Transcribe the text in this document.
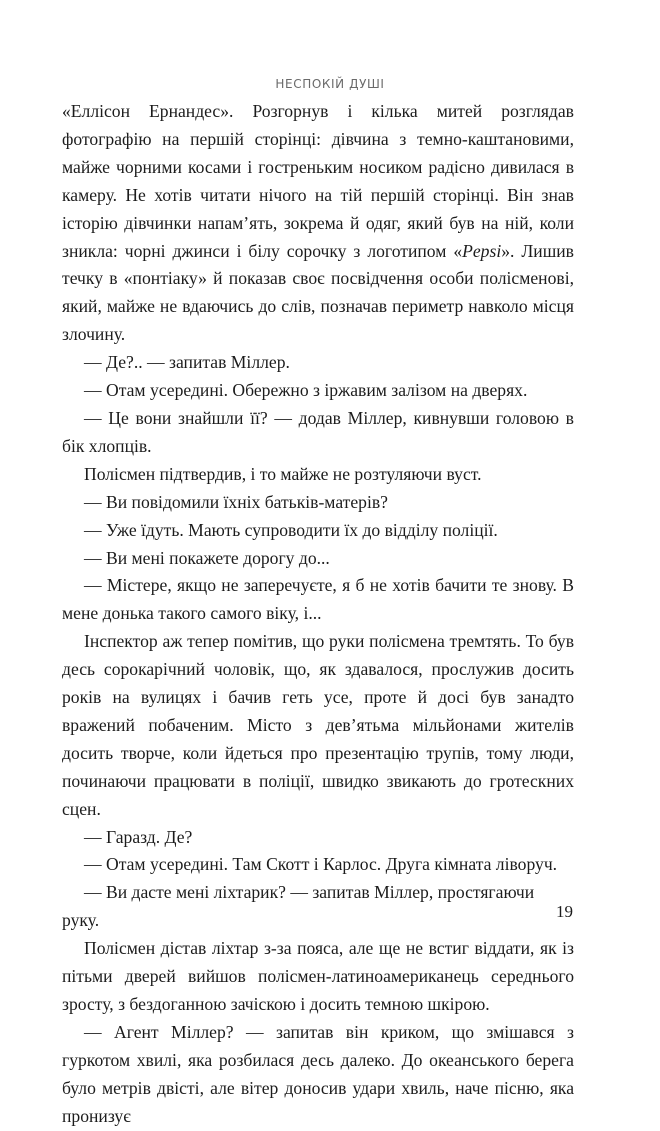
НЕСПОКІЙ ДУШІ

«Еллісон Ернандес». Розгорнув і кілька митей розглядав фотографію на першій сторінці: дівчина з темно-каштановими, майже чорними косами і гостреньким носиком радісно дивилася в камеру. Не хотів читати нічого на тій першій сторінці. Він знав історію дівчинки напам’ять, зокрема й одяг, який був на ній, коли зникла: чорні джинси і білу сорочку з логотипом «Pepsi». Лишив течку в «понтіаку» й показав своє посвідчення особи полісменові, який, майже не вдаючись до слів, позначав периметр навколо місця злочину.

— Де?.. — запитав Міллер.

— Отам усередині. Обережно з іржавим залізом на дверях.

— Це вони знайшли її? — додав Міллер, кивнувши головою в бік хлопців.

Полісмен підтвердив, і то майже не розтуляючи вуст.

— Ви повідомили їхніх батьків-матерів?

— Уже їдуть. Мають супроводити їх до відділу поліції.

— Ви мені покажете дорогу до...

— Містере, якщо не заперечуєте, я б не хотів бачити те знову. В мене донька такого самого віку, і...

Інспектор аж тепер помітив, що руки полісмена тремтять. То був десь сорокарічний чоловік, що, як здавалося, прослужив досить років на вулицях і бачив геть усе, проте й досі був занадто вражений побаченим. Місто з дев’ятьма мільйонами жителів досить творче, коли йдеться про презентацію трупів, тому люди, починаючи працювати в поліції, швидко звикають до гротескних сцен.

— Гаразд. Де?

— Отам усередині. Там Скотт і Карлос. Друга кімната ліворуч.

— Ви дасте мені ліхтарик? — запитав Міллер, простягаючи руку.

Полісмен дістав ліхтар з-за пояса, але ще не встиг віддати, як із пітьми дверей вийшов полісмен-латиноамериканець середнього зросту, з бездоганною зачіскою і досить темною шкірою.

— Агент Міллер? — запитав він криком, що змішався з гуркотом хвилі, яка розбилася десь далеко. До океанського берега було метрів двісті, але вітер доносив удари хвиль, наче пісню, яка пронизує

19
